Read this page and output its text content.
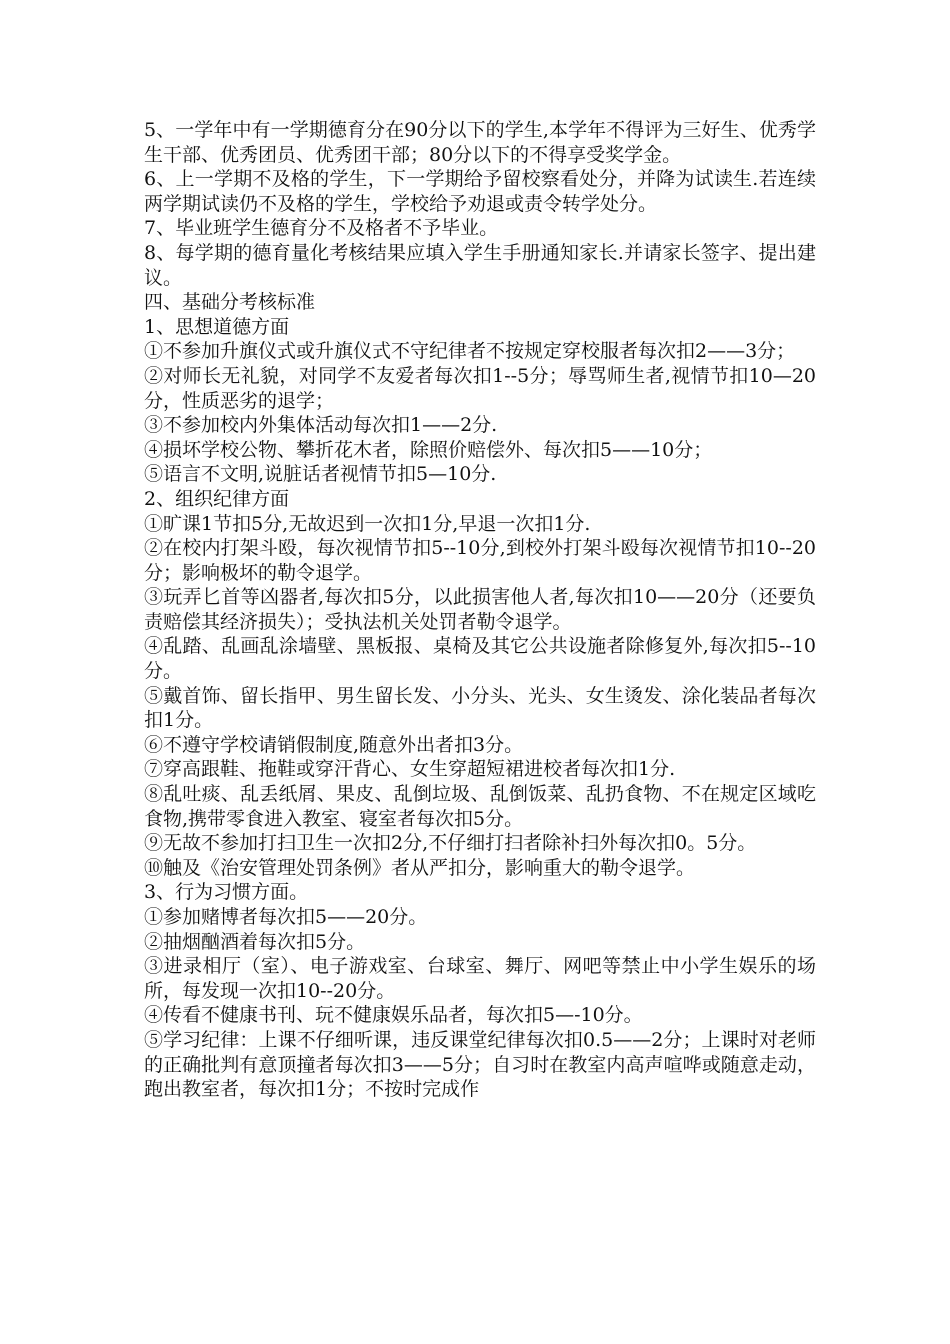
5、一学年中有一学期德育分在90分以下的学生,本学年不得评为三好生、优秀学生干部、优秀团员、优秀团干部；80分以下的不得享受奖学金。

6、上一学期不及格的学生，下一学期给予留校察看处分，并降为试读生.若连续两学期试读仍不及格的学生，学校给予劝退或责令转学处分。

7、毕业班学生德育分不及格者不予毕业。

8、每学期的德育量化考核结果应填入学生手册通知家长.并请家长签字、提出建议。

四、基础分考核标准

1、思想道德方面

①不参加升旗仪式或升旗仪式不守纪律者不按规定穿校服者每次扣2——3分；

②对师长无礼貌，对同学不友爱者每次扣1--5分；辱骂师生者,视情节扣10—20分，性质恶劣的退学；

③不参加校内外集体活动每次扣1——2分.

④损坏学校公物、攀折花木者，除照价赔偿外、每次扣5——10分；

⑤语言不文明,说脏话者视情节扣5—10分.

2、组织纪律方面

①旷课1节扣5分,无故迟到一次扣1分,早退一次扣1分.

②在校内打架斗殴，每次视情节扣5--10分,到校外打架斗殴每次视情节扣10--20分；影响极坏的勒令退学。

③玩弄匕首等凶器者,每次扣5分，以此损害他人者,每次扣10——20分（还要负责赔偿其经济损失）；受执法机关处罚者勒令退学。

④乱踏、乱画乱涂墙壁、黑板报、桌椅及其它公共设施者除修复外,每次扣5--10分。

⑤戴首饰、留长指甲、男生留长发、小分头、光头、女生烫发、涂化装品者每次扣1分。

⑥不遵守学校请销假制度,随意外出者扣3分。

⑦穿高跟鞋、拖鞋或穿汗背心、女生穿超短裙进校者每次扣1分.

⑧乱吐痰、乱丢纸屑、果皮、乱倒垃圾、乱倒饭菜、乱扔食物、不在规定区域吃食物,携带零食进入教室、寝室者每次扣5分。

⑨无故不参加打扫卫生一次扣2分,不仔细打扫者除补扫外每次扣0。5分。

⑩触及《治安管理处罚条例》者从严扣分，影响重大的勒令退学。

3、行为习惯方面。

①参加赌博者每次扣5——20分。

②抽烟酗酒着每次扣5分。

③进录相厅（室）、电子游戏室、台球室、舞厅、网吧等禁止中小学生娱乐的场所，每发现一次扣10--20分。

④传看不健康书刊、玩不健康娱乐品者，每次扣5—-10分。

⑤学习纪律：上课不仔细听课，违反课堂纪律每次扣0.5——2分；上课时对老师的正确批判有意顶撞者每次扣3——5分；自习时在教室内高声喧哗或随意走动，跑出教室者，每次扣1分；不按时完成作
